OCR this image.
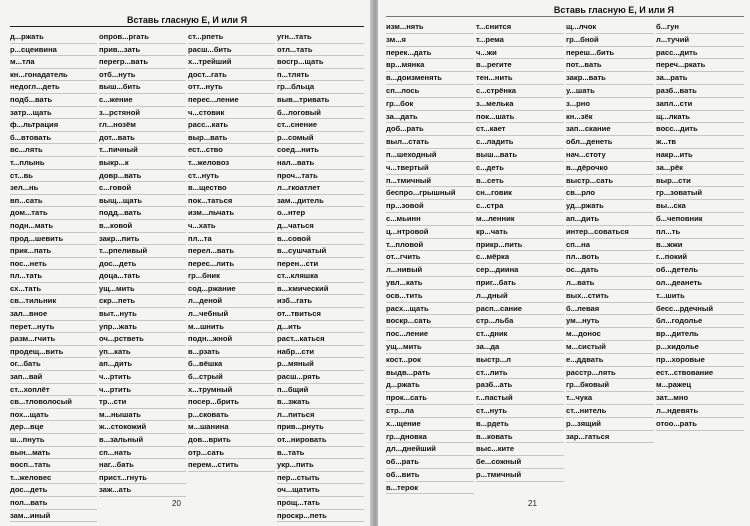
Вставь гласную Е, И или Я
д...ржать
р...сцеивина
м...тла
кн...гонадатель
недогл...деть
подб...вать
затр...щать
ф...льтрация
б...втовать
вс...лять
т...плынь
ст...вь
зел...нь
вп...сать
дом...тать
подн...мать
прод...шевить
прик...пать
пос...неть
пл...тать
сх...тать
св...тильник
зал...вное
перет...нуть
разм...гчить
продещ...вить
ог...бать
зап...вай
ст...хоплёт
св...тловолосый
пох...щать
дер...вце
ш...пнуть
вын...мать
восп...тать
т...желовес
дос...деть
пол...вать
зам...иный
опров...ргать
прив...зать
перегр...вать
отб...нуть
выш...бить
с...жение
з...рстяной
гл...нозём
дот...вать
т...пичный
выкр...к
довр...вать
с...говой
выщ...щать
подд...вать
в...ковой
закр...пить
т...рпеливый
дос...деть
доца...тать
ущ...мить
скр...петь
выт...нуть
упр...жать
оч...рстветь
уп...кать
ап...дить
ч...ртить
ч...ртить
тр...сти
м...нышать
ж...стокожий
в...зальный
сп...нать
наг...бать
прист...гнуть
заж...ать
ст...рпеть
расш...бить
х...трейший
дост...гать
отт...нуть
перес...ление
ч...стовик
расс...кать
выр...вать
ест...ство
т...желовоз
ст...нуть
в...щество
пок...таться
изм...льчать
ч...хать
пл...та
перел...вать
перес...лить
гр...бник
сод...ржание
л...деной
л...чебный
м...шнить
подн...жной
в...рзать
б...вёшка
б...стрый
х...трумный
посер...брить
р...сковать
м...шанина
дов...врить
отр...сать
перем...стить
угн...тать
отл...тать
восгр...щать
п...тлять
гр...бльца
выв...тривать
б...логовый
ст...снение
р...сомый
соед...нить
нал...вать
проч...тать
л...гкоатлет
зам...дитель
о...нтер
д...чаться
в...совой
в...сушчатый
перен...сти
ст...кляшка
в...хмический
изб...гать
от...твиться
д...ить
раст...каться
набр...сти
р...мяный
расш...рять
п...бщий
в...зжать
л...питься
прив...рнуть
от...нировать
в...тать
укр...пить
пер...стыть
оч...щатить
прощ...тать
проскр...петь
20
Вставь гласную Е, И или Я
изм...нять
зм...я
перек...дать
вр...мянка
в...доизменять
сп...лось
гр...бок
за...дать
доб...рать
выл...стать
п...шеходный
ч...твертый
п...тмичный
беспро...грышный
пр...зовой
с...мьинн
ц...нтровой
т...пловой
от...гчить
л...нивый
увл...кать
осв...тить
расх...щать
воскр...сать
пос...ление
ущ...мить
кост...рок
выдв...рать
д...ржать
прок...сать
стр...ла
х...щение
гр...дновка
дл...днейший
об...рать
об...вить
в...терок
т...снится
т...рема
ч...жи
в...регите
тен...нить
с...стрёнка
з...мелька
пок...шать
ст...кает
с...ладить
выш...вать
с...деть
в...сеть
сн...говик
с...стра
м...ленник
кр...чать
прикр...пить
с...мёрка
сер...диина
приг...бать
л...дный
расп...сание
стр...льба
ст...дник
за...да
выстр...л
ст...лить
разб...ать
г...пастый
ст...нуть
в...рдеть
в...ковать
выс...ките
бе...сожный
р...тмичный
щ...лчок
гр...бной
переш...бить
пот...вать
закр...вать
у...шать
з...рно
кн...зёк
зап...скание
обл...денеть
нач...стоту
в...дёрочко
выстр...сать
св...рло
уд...ржать
ап...дить
интер...соваться
сп...на
пл...воть
ос...дать
л...вать
вых...стить
б...левая
ум...нуть
м...донос
м...систый
е...ддвать
расстр...лять
гр...бковый
т...чука
ст...нитель
р...зящий
зар...гаться
б...гун
л...тучий
расс...дить
переч...ркать
за...рать
разб...вать
запл...сти
щ...лкать
восс...дить
ж...тв
накр...ить
за...рёк
выр...сти
гр...зоватый
вы...ска
б...чеповник
пл...ть
в...жжи
г...покий
об...детель
ол...деанеть
т...шить
бесс...рдечный
бл...годолье
вр...дитель
р...хидолье
пр...хоровые
ест...ствование
м...ражец
зат...мно
л...ндевять
отоо...рать
21
